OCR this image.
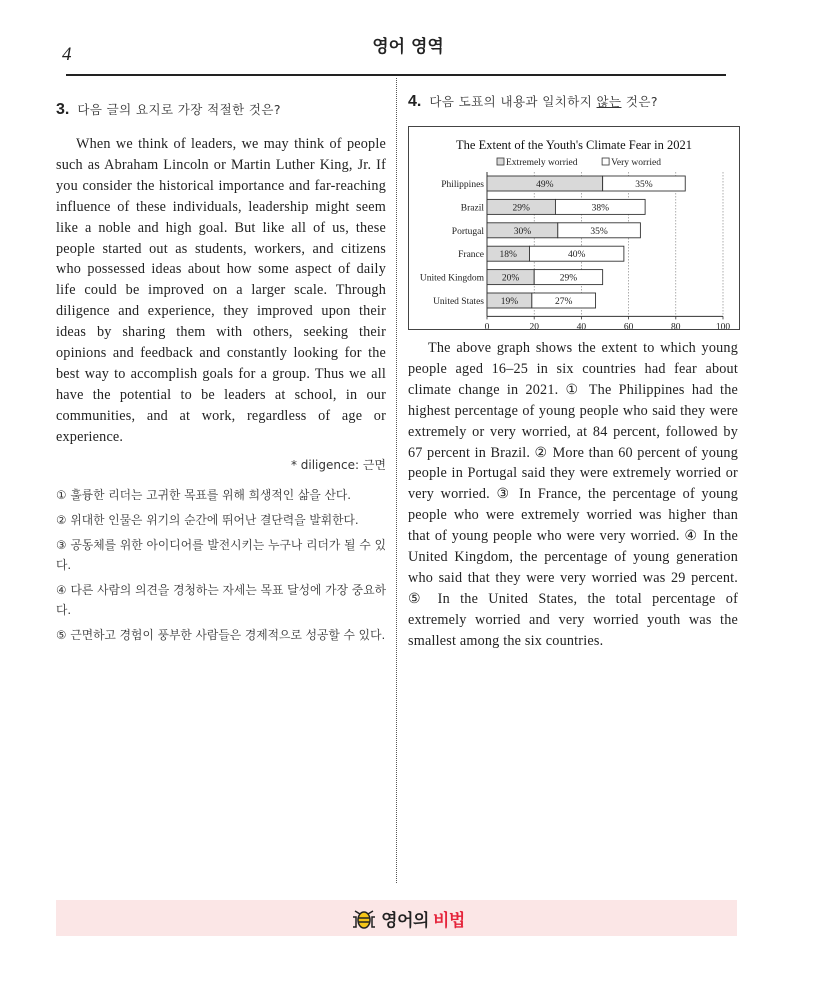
4	영어 영역
3. 다음 글의 요지로 가장 적절한 것은?

When we think of leaders, we may think of people such as Abraham Lincoln or Martin Luther King, Jr. If you consider the historical importance and far-reaching influence of these individuals, leadership might seem like a noble and high goal. But like all of us, these people started out as students, workers, and citizens who possessed ideas about how some aspect of daily life could be improved on a larger scale. Through diligence and experience, they improved upon their ideas by sharing them with others, seeking their opinions and feedback and constantly looking for the best way to accomplish goals for a group. Thus we all have the potential to be leaders at school, in our communities, and at work, regardless of age or experience.

* diligence: 근면
① 훌륭한 리더는 고귀한 목표를 위해 희생적인 삶을 산다.
② 위대한 인물은 위기의 순간에 뛰어난 결단력을 발휘한다.
③ 공동체를 위한 아이디어를 발전시키는 누구나 리더가 될 수 있다.
④ 다른 사람의 의견을 경청하는 자세는 목표 달성에 가장 중요하다.
⑤ 근면하고 경험이 풍부한 사람들은 경제적으로 성공할 수 있다.
4. 다음 도표의 내용과 일치하지 않는 것은?
The Extent of the Youth's Climate Fear in 2021
Extremely worried	Very worried
Philippines	49%	35%
Brazil	29%	38%
Portugal	30%	35%
France 18%	40%
United Kingdom 20%	29%
United States 19%	27%
0	20	40	60	80	100

The above graph shows the extent to which young people aged 16–25 in six countries had fear about climate change in 2021. ① The Philippines had the highest percentage of young people who said they were extremely or very worried, at 84 percent, followed by 67 percent in Brazil. ② More than 60 percent of young people in Portugal said they were extremely worried or very worried. ③ In France, the percentage of young people who were extremely worried was higher than that of young people who were very worried. ④ In the United Kingdom, the percentage of young generation who said that they were very worried was 29 percent. ⑤ In the United States, the total percentage of extremely worried and very worried youth was the smallest among the six countries.

영어의 비법
